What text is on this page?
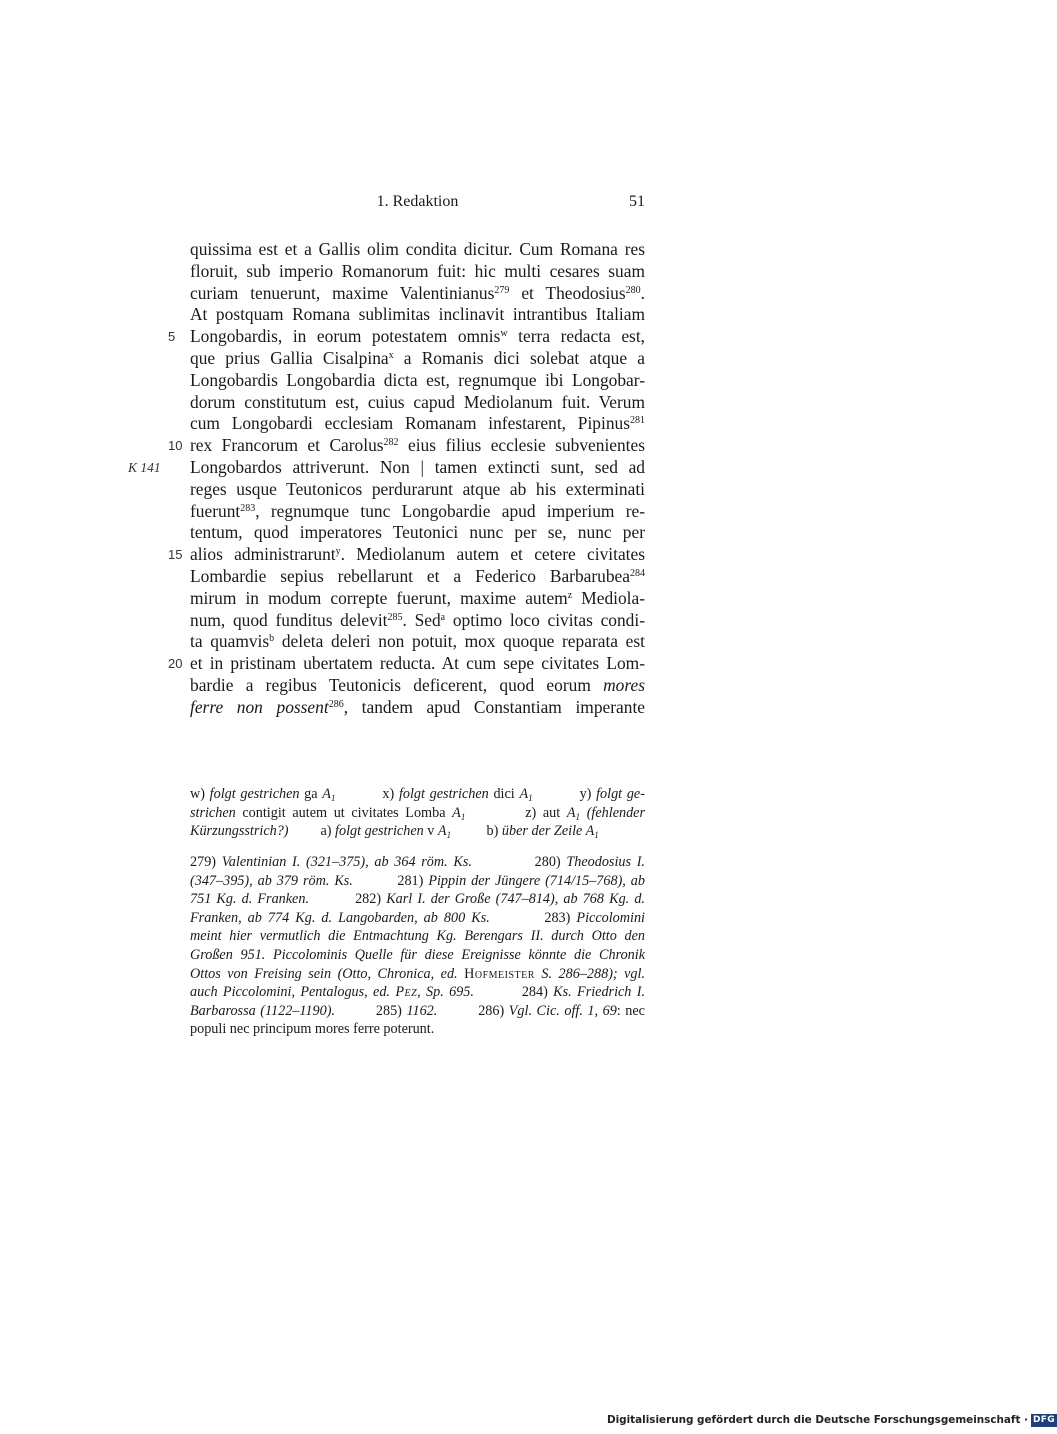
1. Redaktion	51
quissima est et a Gallis olim condita dicitur. Cum Romana res
floruit, sub imperio Romanorum fuit: hic multi cesares suam
curiam tenuerunt, maxime Valentinianus$^{279}$ et Theodosius$^{280}$.
At postquam Romana sublimitas inclinavit intrantibus Italiam
5 Longobardis, in eorum potestatem omnis$^w$ terra redacta est,
que prius Gallia Cisalpina$^x$ a Romanis dici solebat atque a
Longobardis Longobardia dicta est, regnumque ibi Longobar-
dorum constitutum est, cuius capud Mediolanum fuit. Verum
cum Longobardi ecclesiam Romanam infestarent, Pipinus$^{281}$
10 rex Francorum et Carolus$^{282}$ eius filius ecclesie subvenientes
K 141 Longobardos attriverunt. Non | tamen extincti sunt, sed ad
reges usque Teutonicos perdurarunt atque ab his exterminati
fuerunt$^{283}$, regnumque tunc Longobardie apud imperium re-
tentum, quod imperatores Teutonici nunc per se, nunc per
15 alios administrarunt$^y$. Mediolanum autem et cetere civitates
Lombardie sepius rebellarunt et a Federico Barbarubea$^{284}$
mirum in modum correpte fuerunt, maxime autem$^z$ Mediola-
num, quod funditus delevit$^{285}$. Sed$^a$ optimo loco civitas condi-
ta quamvis$^b$ deleta deleri non potuit, mox quoque reparata est
20 et in pristinam ubertatem reducta. At cum sepe civitates Lom-
bardie a regibus Teutonicis deficerent, quod eorum mores
ferre non possent$^{286}$, tandem apud Constantiam imperante
w) folgt gestrichen ga $A_1$          x) folgt gestrichen dici $A_1$          y) folgt ge-
strichen contigit autem ut civitates Lomba $A_1$         z) aut $A_1$ (fehlender
Kürzungsstrich?)         a) folgt gestrichen v $A_1$          b) über der Zeile $A_1$
279) Valentinian I. (321–375), ab 364 röm. Ks.           280) Theodosius I.
(347–395), ab 379 röm. Ks.         281) Pippin der Jüngere (714/15–768), ab
751 Kg. d. Franken.         282) Karl I. der Große (747–814), ab 768 Kg. d.
Franken, ab 774 Kg. d. Langobarden, ab 800 Ks.         283) Piccolomini
meint hier vermutlich die Entmachtung Kg. Berengars II. durch Otto den
Großen 951. Piccolominis Quelle für diese Ereignisse könnte die Chronik
Ottos von Freising sein (Otto, Chronica, ed. Hofmeister S. 286–288); vgl.
auch Piccolomini, Pentalogus, ed. Pez, Sp. 695.         284) Ks. Friedrich I.
Barbarossa (1122–1190).         285) 1162.         286) Vgl. Cic. off. 1, 69: nec
populi nec principum mores ferre poterunt.
Digitalisierung gefördert durch die Deutsche Forschungsgemeinschaft · DFG
